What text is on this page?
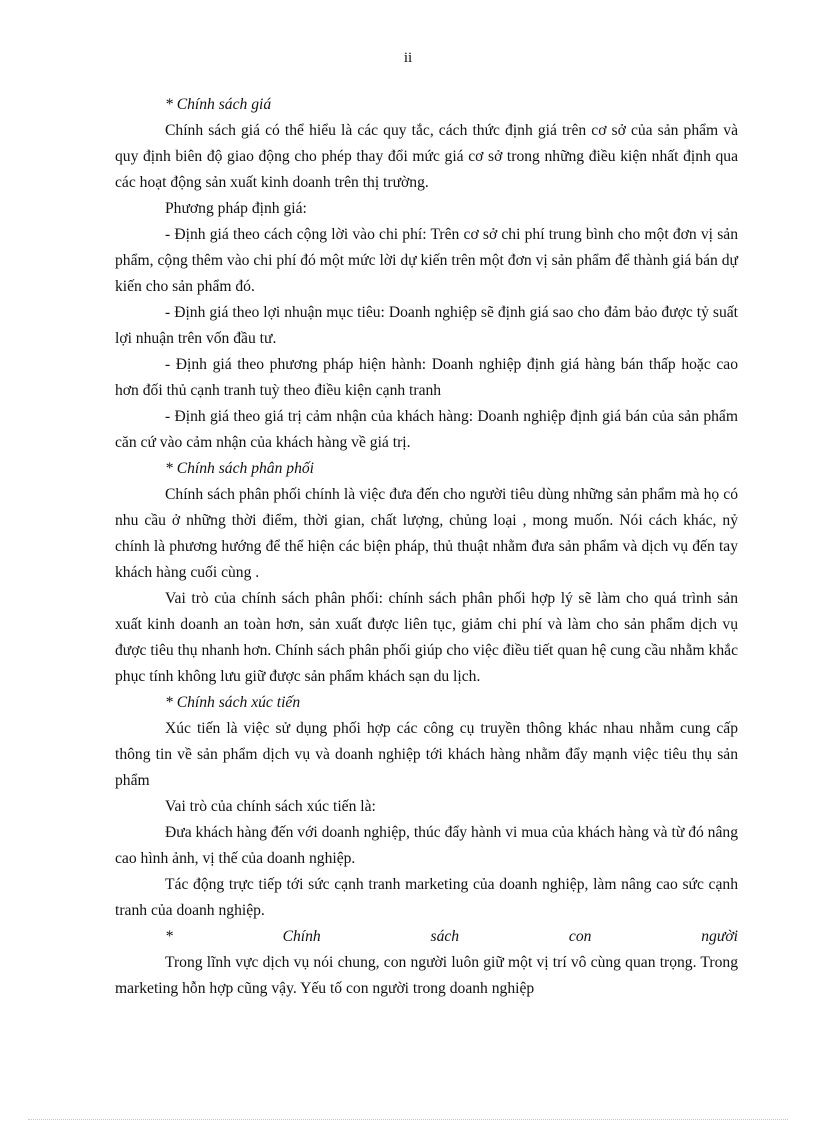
ii

* Chính sách giá

Chính sách giá có thể hiểu là các quy tắc, cách thức định giá trên cơ sở của sản phẩm và quy định biên độ giao động cho phép thay đổi mức giá cơ sở trong những điều kiện nhất định qua các hoạt động sản xuất kinh doanh trên thị trường.

Phương pháp định giá:

- Định giá theo cách cộng lời vào chi phí: Trên cơ sở chi phí trung bình cho một đơn vị sản phẩm, cộng thêm vào chi phí đó một mức lời dự kiến trên một đơn vị sản phẩm để thành giá bán dự kiến cho sản phẩm đó.

- Định giá theo lợi nhuận mục tiêu: Doanh nghiệp sẽ định giá sao cho đảm bảo được tỷ suất lợi nhuận trên vốn đầu tư.

- Định giá theo phương pháp hiện hành: Doanh nghiệp định giá hàng bán thấp hoặc cao hơn đối thủ cạnh tranh tuỳ theo điều kiện cạnh tranh

- Định giá theo giá trị cảm nhận của khách hàng: Doanh nghiệp định giá bán của sản phẩm căn cứ vào cảm nhận của khách hàng về giá trị.

* Chính sách phân phối

Chính sách phân phối chính là việc đưa đến cho người tiêu dùng những sản phẩm mà họ có nhu cầu ở những thời điểm, thời gian, chất lượng, chủng loại , mong muốn. Nói cách khác, nỷ chính là phương hướng để thể hiện các biện pháp, thủ thuật nhằm đưa sản phẩm và dịch vụ đến tay khách hàng cuối cùng .

Vai trò của chính sách phân phối: chính sách phân phối hợp lý sẽ làm cho quá trình sản xuất kinh doanh an toàn hơn, sản xuất được liên tục, giảm chi phí và làm cho sản phẩm dịch vụ được tiêu thụ nhanh hơn. Chính sách phân phối giúp cho việc điều tiết quan hệ cung cầu nhằm khắc phục tính không lưu giữ được sản phẩm khách sạn du lịch.

* Chính sách xúc tiến

Xúc tiến là việc sử dụng phối hợp các công cụ truyền thông khác nhau nhằm cung cấp thông tin về sản phẩm dịch vụ và doanh nghiệp tới khách hàng nhằm đẩy mạnh việc tiêu thụ sản phẩm

Vai trò của chính sách xúc tiến là:

Đưa khách hàng đến với doanh nghiệp, thúc đẩy hành vi mua của khách hàng và từ đó nâng cao hình ảnh, vị thế của doanh nghiệp.

Tác động trực tiếp tới sức cạnh tranh marketing của doanh nghiệp, làm nâng cao sức cạnh tranh của doanh nghiệp.

*	Chính	sách	con	người

Trong lĩnh vực dịch vụ nói chung, con người luôn giữ một vị trí vô cùng quan trọng. Trong marketing hỗn hợp cũng vậy. Yếu tố con người trong doanh nghiệp
